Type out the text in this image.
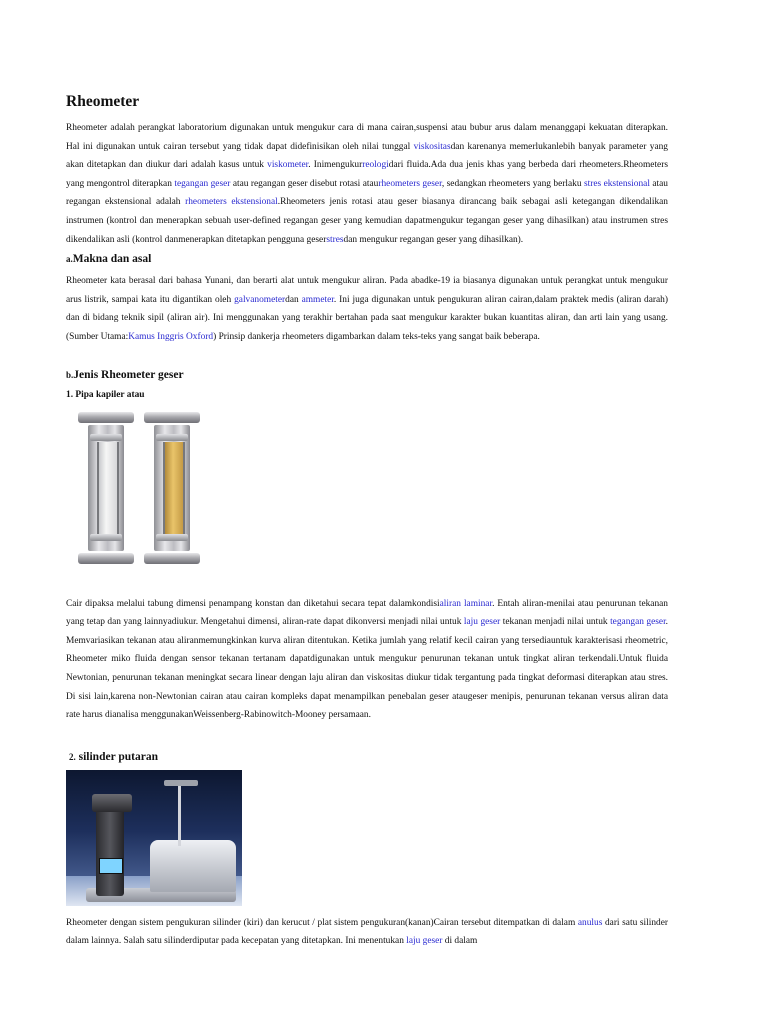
Rheometer

Rheometer adalah perangkat laboratorium digunakan untuk mengukur cara di mana cairan,suspensi atau bubur arus dalam menanggapi kekuatan diterapkan. Hal ini digunakan untuk cairan tersebut yang tidak dapat didefinisikan oleh nilai tunggal viskositasdan karenanya memerlukanlebih banyak parameter yang akan ditetapkan dan diukur dari adalah kasus untuk viskometer. Inimengukurreologidari fluida.Ada dua jenis khas yang berbeda dari rheometers.Rheometers yang mengontrol diterapkan tegangan geser atau regangan geser disebut rotasi ataurheometers geser, sedangkan rheometers yang berlaku stres ekstensional atau regangan ekstensional adalah rheometers ekstensional.Rheometers jenis rotasi atau geser biasanya dirancang baik sebagai asli ketegangan dikendalikan instrumen (kontrol dan menerapkan sebuah user-defined regangan geser yang kemudian dapatmengukur tegangan geser yang dihasilkan) atau instrumen stres dikendalikan asli (kontrol danmenerapkan ditetapkan pengguna geserstresdan mengukur regangan geser yang dihasilkan).

a.Makna dan asal

Rheometer kata berasal dari bahasa Yunani, dan berarti alat untuk mengukur aliran. Pada abadke-19 ia biasanya digunakan untuk perangkat untuk mengukur arus listrik, sampai kata itu digantikan oleh galvanometerdan ammeter. Ini juga digunakan untuk pengukuran aliran cairan,dalam praktek medis (aliran darah) dan di bidang teknik sipil (aliran air). Ini menggunakan yang terakhir bertahan pada saat mengukur karakter bukan kuantitas aliran, dan arti lain yang usang. (Sumber Utama:Kamus Inggris Oxford) Prinsip dankerja rheometers digambarkan dalam teks-teks yang sangat baik beberapa.

b.Jenis Rheometer geser
1. Pipa kapiler atau

Cair dipaksa melalui tabung dimensi penampang konstan dan diketahui secara tepat dalamkondisialiran laminar. Entah aliran-menilai atau penurunan tekanan yang tetap dan yang lainnyadiukur. Mengetahui dimensi, aliran-rate dapat dikonversi menjadi nilai untuk laju geser tekanan menjadi nilai untuk tegangan geser. Memvariasikan tekanan atau aliranmemungkinkan kurva aliran ditentukan. Ketika jumlah yang relatif kecil cairan yang tersediauntuk karakterisasi rheometric, Rheometer miko fluida dengan sensor tekanan tertanam dapatdigunakan untuk mengukur penurunan tekanan untuk tingkat aliran terkendali.Untuk fluida Newtonian, penurunan tekanan meningkat secara linear dengan laju aliran dan viskositas diukur tidak tergantung pada tingkat deformasi diterapkan atau stres. Di sisi lain,karena non-Newtonian cairan atau cairan kompleks dapat menampilkan penebalan geser ataugeser menipis, penurunan tekanan versus aliran data rate harus dianalisa menggunakanWeissenberg-Rabinowitch-Mooney persamaan.

2. silinder putaran

Rheometer dengan sistem pengukuran silinder (kiri) dan kerucut / plat sistem pengukuran(kanan)Cairan tersebut ditempatkan di dalam anulus dari satu silinder dalam lainnya. Salah satu silinderdiputar pada kecepatan yang ditetapkan. Ini menentukan laju geser di dalam
